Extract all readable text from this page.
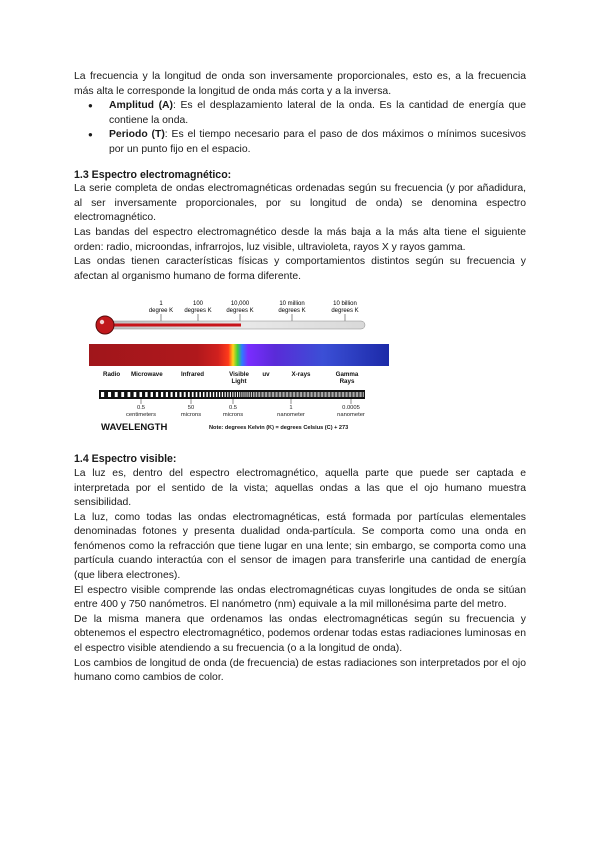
La frecuencia y la longitud de onda son inversamente proporcionales, esto es, a la frecuencia más alta le corresponde la longitud de onda más corta y a la inversa.

● Amplitud (A): Es el desplazamiento lateral de la onda. Es la cantidad de energía que contiene la onda.
● Periodo (T): Es el tiempo necesario para el paso de dos máximos o mínimos sucesivos por un punto fijo en el espacio.
1.3 Espectro electromagnético:

La serie completa de ondas electromagnéticas ordenadas según su frecuencia (y por añadidura, al ser inversamente proporcionales, por su longitud de onda) se denomina espectro electromagnético.

Las bandas del espectro electromagnético desde la más baja a la más alta tiene el siguiente orden: radio, microondas, infrarrojos, luz visible, ultravioleta, rayos X y rayos gamma.

Las ondas tienen características físicas y comportamientos distintos según su frecuencia y afectan al organismo humano de forma diferente.

1
degree K
100
degrees K
10,000
degrees K
10 million
degrees K
10 billion
degrees K
Radio Microwave	Infrared	Visible
Light
uv	X-rays	Gamma
Rays
0.5
centimeters
50
microns
0.5
microns
1
nanometer
0.0005
nanometer
WAVELENGTH	Note: degrees Kelvin (K) = degrees Celsius (C) + 273
1.4 Espectro visible:

La luz es, dentro del espectro electromagnético, aquella parte que puede ser captada e interpretada por el sentido de la vista; aquellas ondas a las que el ojo humano muestra sensibilidad.

La luz, como todas las ondas electromagnéticas, está formada por partículas elementales denominadas fotones y presenta dualidad onda-partícula. Se comporta como una onda en fenómenos como la refracción que tiene lugar en una lente; sin embargo, se comporta como una partícula cuando interactúa con el sensor de imagen para transferirle una cantidad de energía (que libera electrones).

El espectro visible comprende las ondas electromagnéticas cuyas longitudes de onda se sitúan entre 400 y 750 nanómetros. El nanómetro (nm) equivale a la mil millonésima parte del metro.

De la misma manera que ordenamos las ondas electromagnéticas según su frecuencia y obtenemos el espectro electromagnético, podemos ordenar todas estas radiaciones luminosas en el espectro visible atendiendo a su frecuencia (o a la longitud de onda).

Los cambios de longitud de onda (de frecuencia) de estas radiaciones son interpretados por el ojo humano como cambios de color.
